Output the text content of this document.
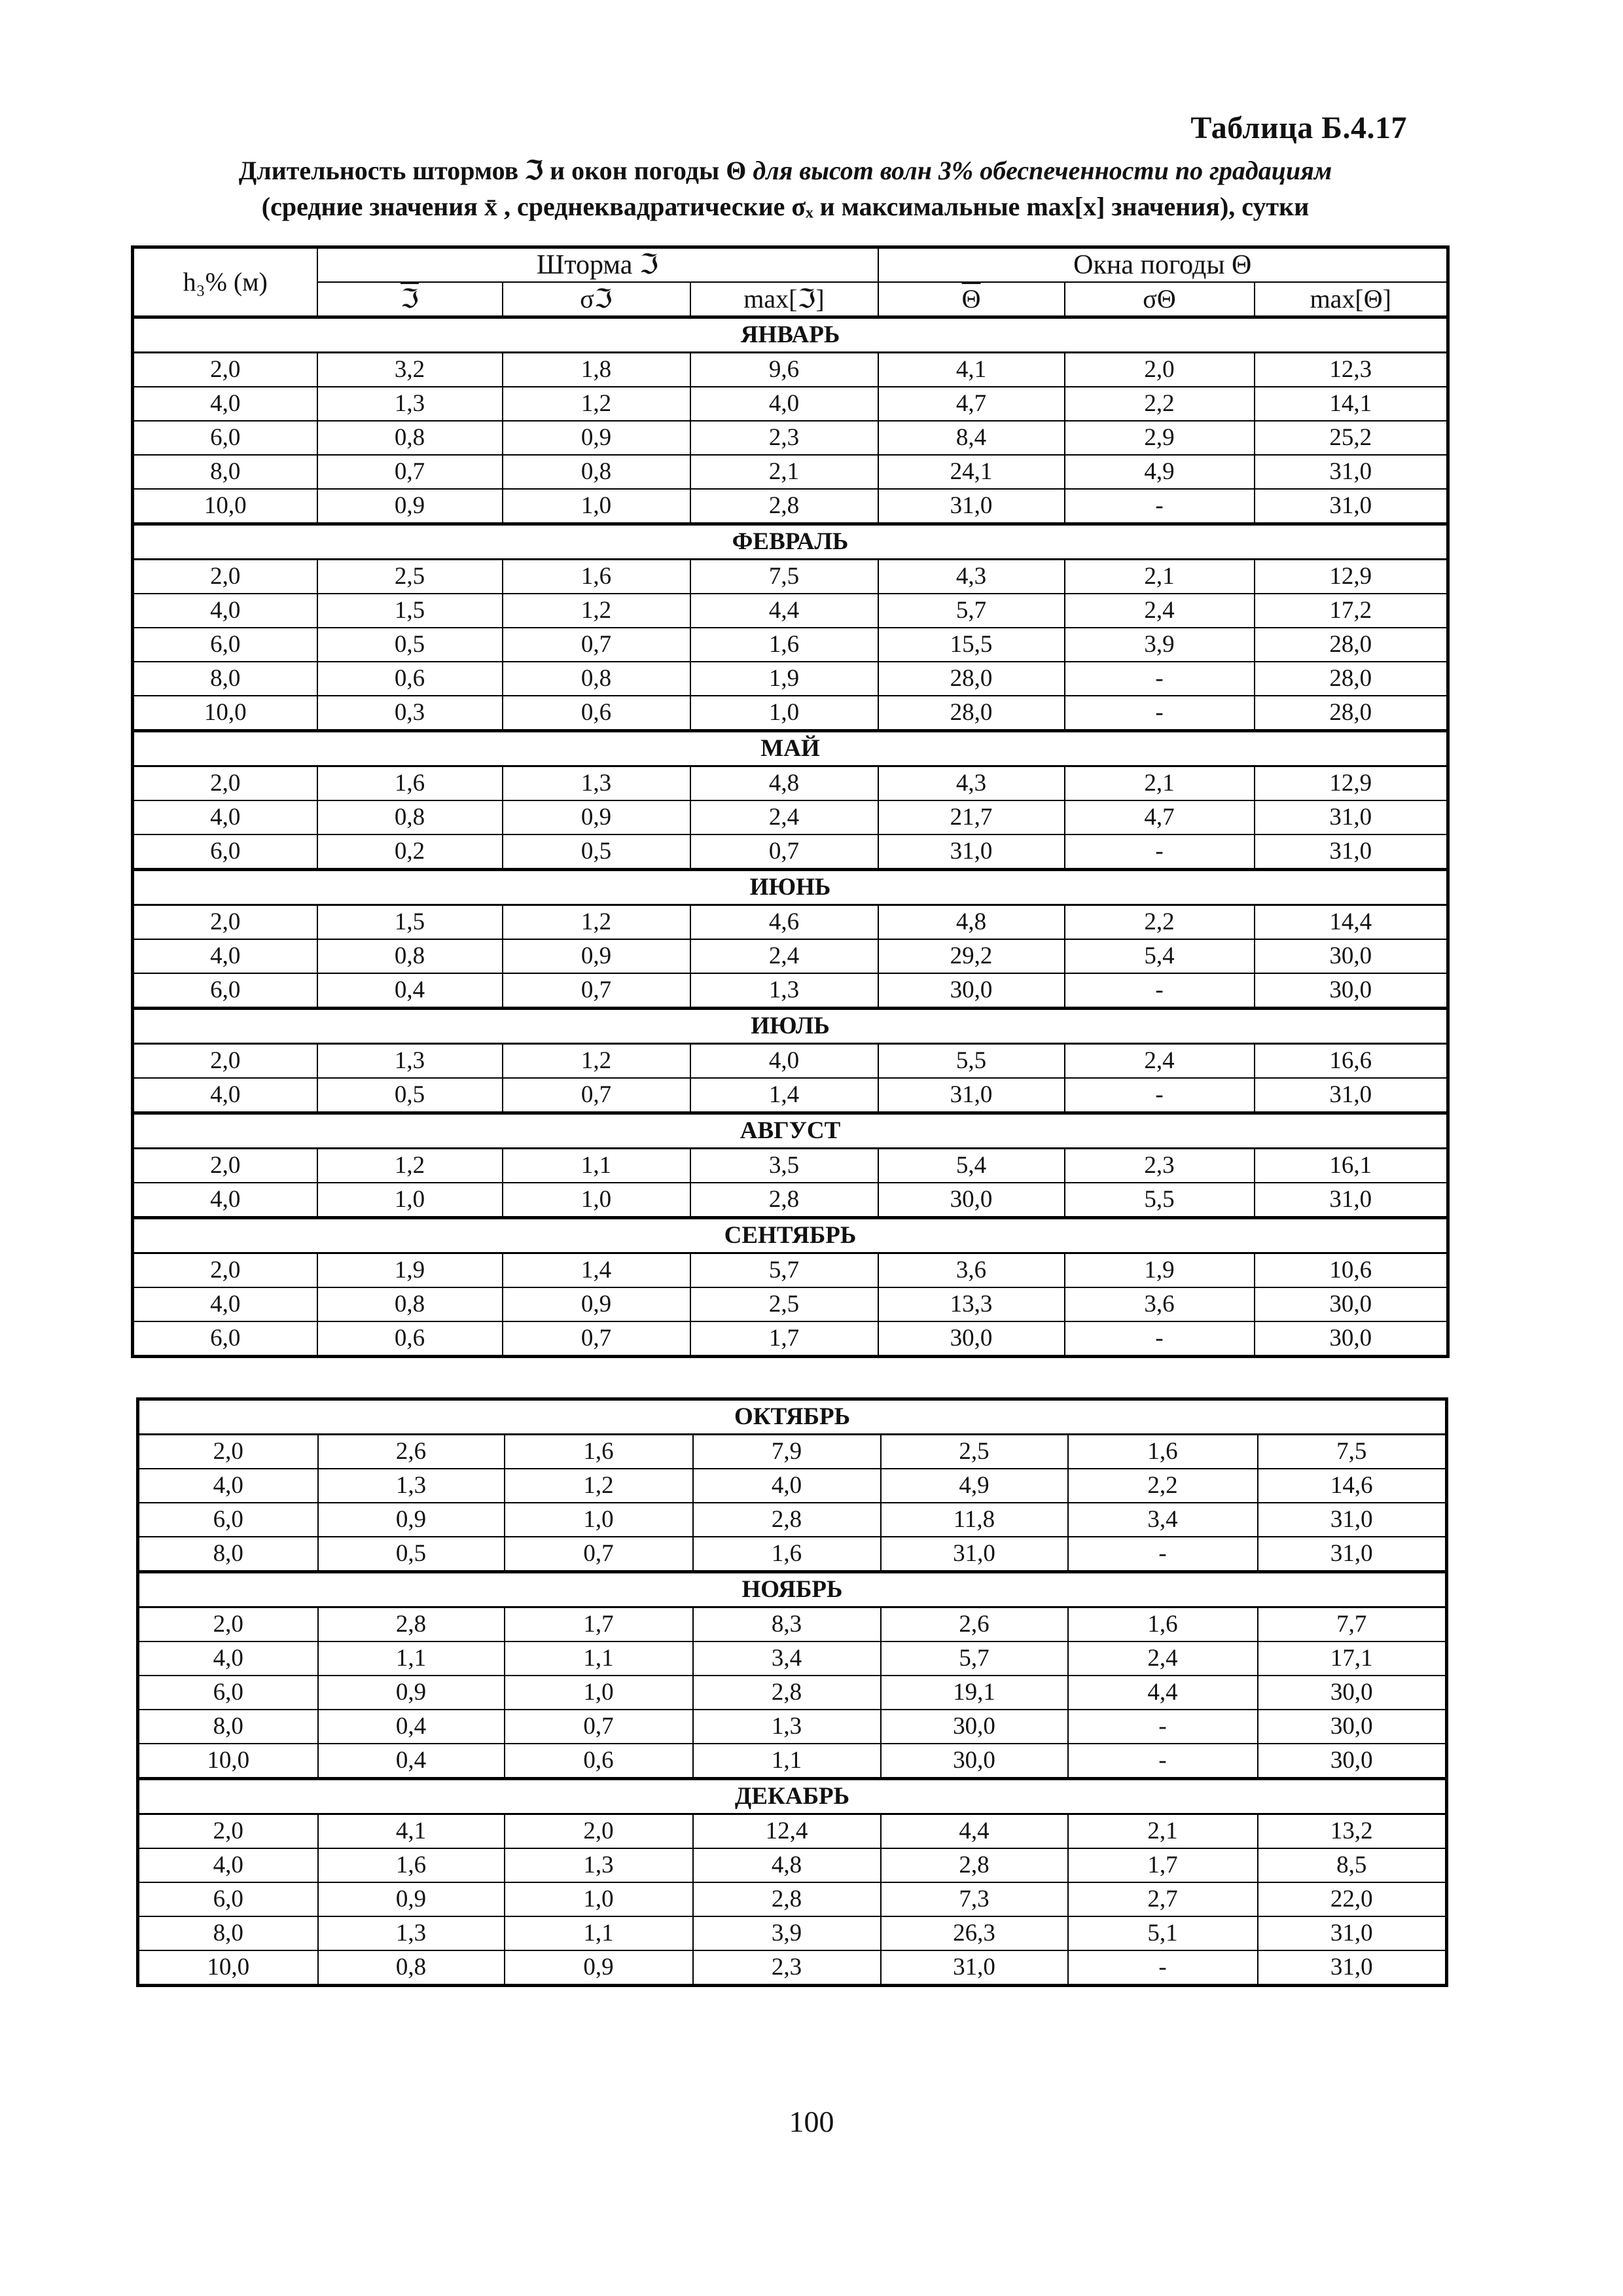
Таблица Б.4.17
Длительность штормов ℑ и окон погоды Θ для высот волн 3% обеспеченности по градациям
(средние значения x̄ , среднеквадратические σₓ и максимальные max[x] значения), сутки
h₃% (м)	Шторма ℑ			Окна погоды Θ		
	ℑ	σℑ	max[ℑ]	$\overline{\Theta}$	σΘ	max[Θ]
ЯНВАРЬ						
2,0	3,2	1,8	9,6	4,1	2,0	12,3
4,0	1,3	1,2	4,0	4,7	2,2	14,1
6,0	0,8	0,9	2,3	8,4	2,9	25,2
8,0	0,7	0,8	2,1	24,1	4,9	31,0
10,0	0,9	1,0	2,8	31,0	-	31,0
ФЕВРАЛЬ						
2,0	2,5	1,6	7,5	4,3	2,1	12,9
4,0	1,5	1,2	4,4	5,7	2,4	17,2
6,0	0,5	0,7	1,6	15,5	3,9	28,0
8,0	0,6	0,8	1,9	28,0	-	28,0
10,0	0,3	0,6	1,0	28,0	-	28,0
МАЙ						
2,0	1,6	1,3	4,8	4,3	2,1	12,9
4,0	0,8	0,9	2,4	21,7	4,7	31,0
6,0	0,2	0,5	0,7	31,0	-	31,0
ИЮНЬ						
2,0	1,5	1,2	4,6	4,8	2,2	14,4
4,0	0,8	0,9	2,4	29,2	5,4	30,0
6,0	0,4	0,7	1,3	30,0	-	30,0
ИЮЛЬ						
2,0	1,3	1,2	4,0	5,5	2,4	16,6
4,0	0,5	0,7	1,4	31,0	-	31,0
АВГУСТ						
2,0	1,2	1,1	3,5	5,4	2,3	16,1
4,0	1,0	1,0	2,8	30,0	5,5	31,0
СЕНТЯБРЬ						
2,0	1,9	1,4	5,7	3,6	1,9	10,6
4,0	0,8	0,9	2,5	13,3	3,6	30,0
6,0	0,6	0,7	1,7	30,0	-	30,0
ОКТЯБРЬ						
2,0	2,6	1,6	7,9	2,5	1,6	7,5
4,0	1,3	1,2	4,0	4,9	2,2	14,6
6,0	0,9	1,0	2,8	11,8	3,4	31,0
8,0	0,5	0,7	1,6	31,0	-	31,0
НОЯБРЬ						
2,0	2,8	1,7	8,3	2,6	1,6	7,7
4,0	1,1	1,1	3,4	5,7	2,4	17,1
6,0	0,9	1,0	2,8	19,1	4,4	30,0
8,0	0,4	0,7	1,3	30,0	-	30,0
10,0	0,4	0,6	1,1	30,0	-	30,0
ДЕКАБРЬ						
2,0	4,1	2,0	12,4	4,4	2,1	13,2
4,0	1,6	1,3	4,8	2,8	1,7	8,5
6,0	0,9	1,0	2,8	7,3	2,7	22,0
8,0	1,3	1,1	3,9	26,3	5,1	31,0
10,0	0,8	0,9	2,3	31,0	-	31,0
100
